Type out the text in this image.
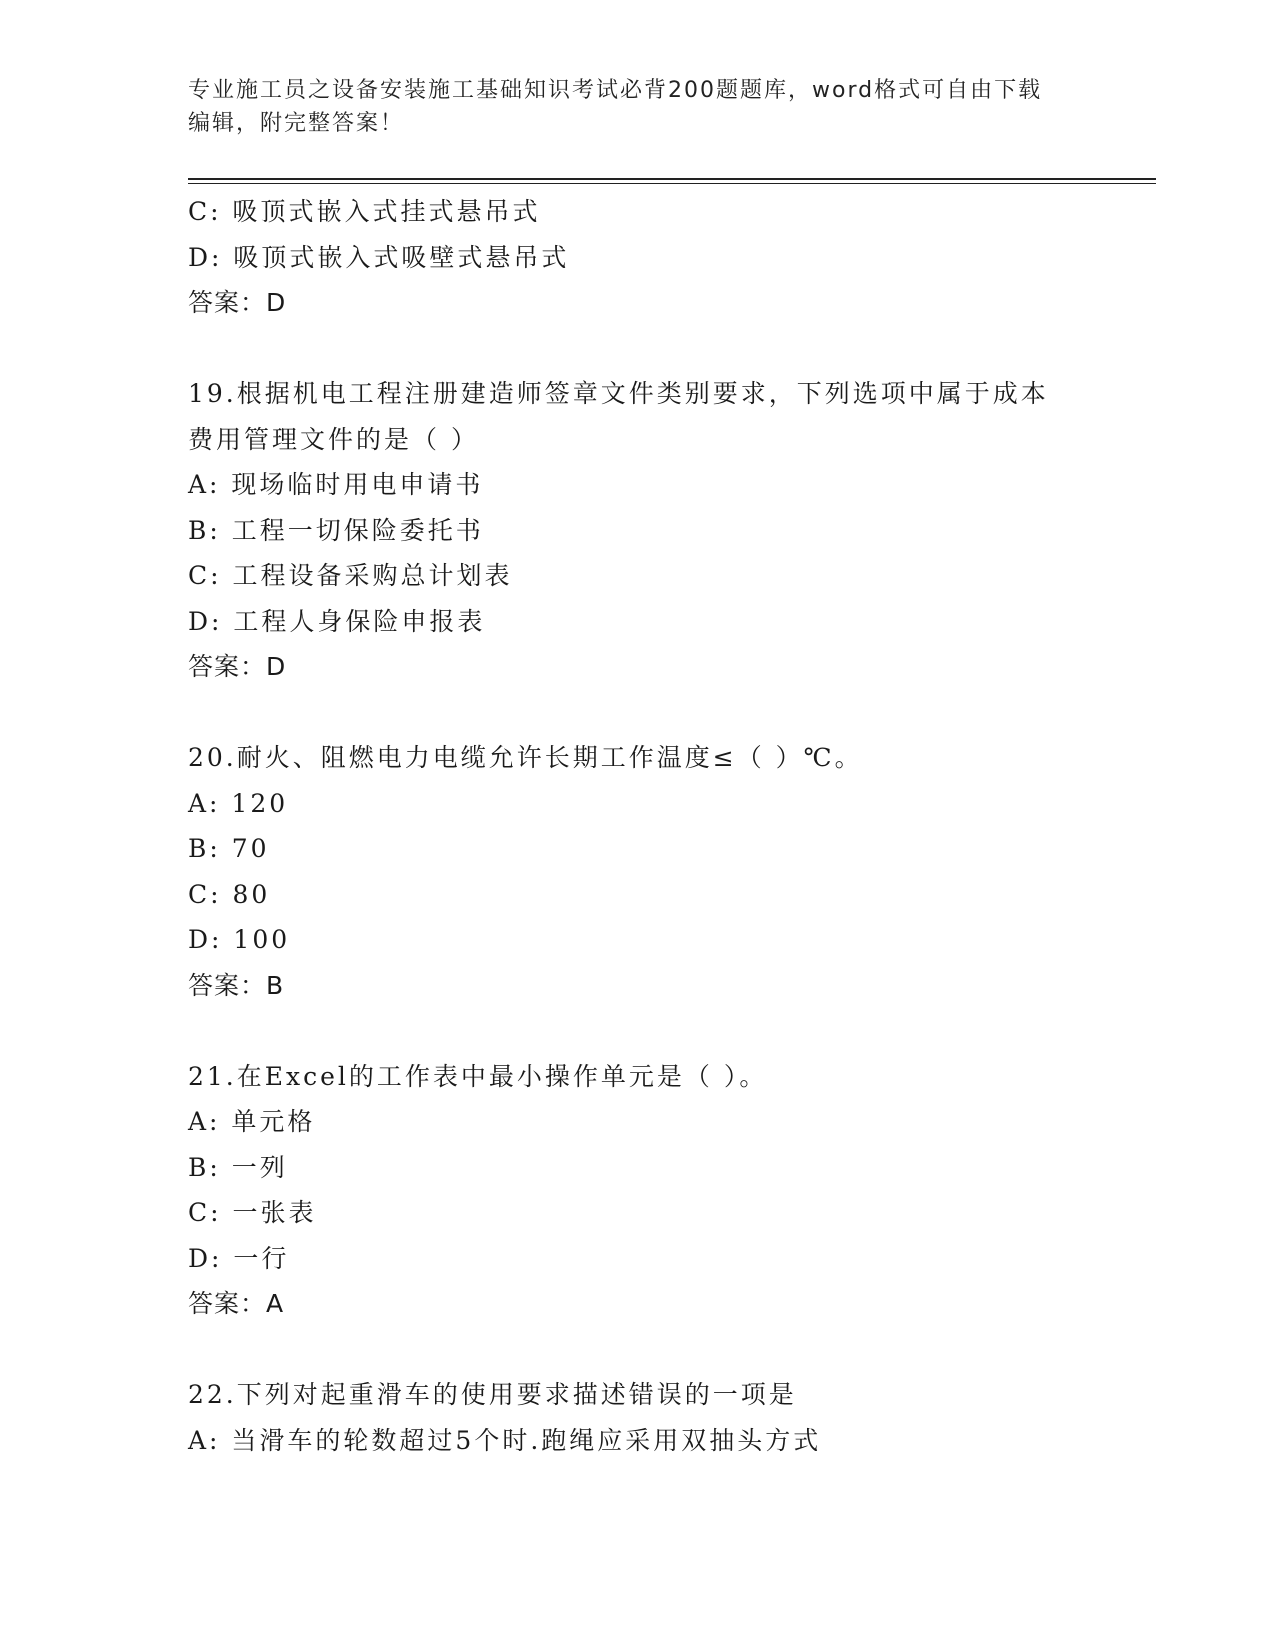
专业施工员之设备安装施工基础知识考试必背200题题库，word格式可自由下载
编辑，附完整答案！
C: 吸顶式嵌入式挂式悬吊式
D: 吸顶式嵌入式吸壁式悬吊式
答案：D
19.根据机电工程注册建造师签章文件类别要求，下列选项中属于成本
费用管理文件的是（ ）
A: 现场临时用电申请书
B: 工程一切保险委托书
C: 工程设备采购总计划表
D: 工程人身保险申报表
答案：D
20.耐火、阻燃电力电缆允许长期工作温度≤（ ）℃。
A: 120
B: 70
C: 80
D: 100
答案：B
21.在Excel的工作表中最小操作单元是（ ）。
A: 单元格
B: 一列
C: 一张表
D: 一行
答案：A
22.下列对起重滑车的使用要求描述错误的一项是
A: 当滑车的轮数超过5个时.跑绳应采用双抽头方式
